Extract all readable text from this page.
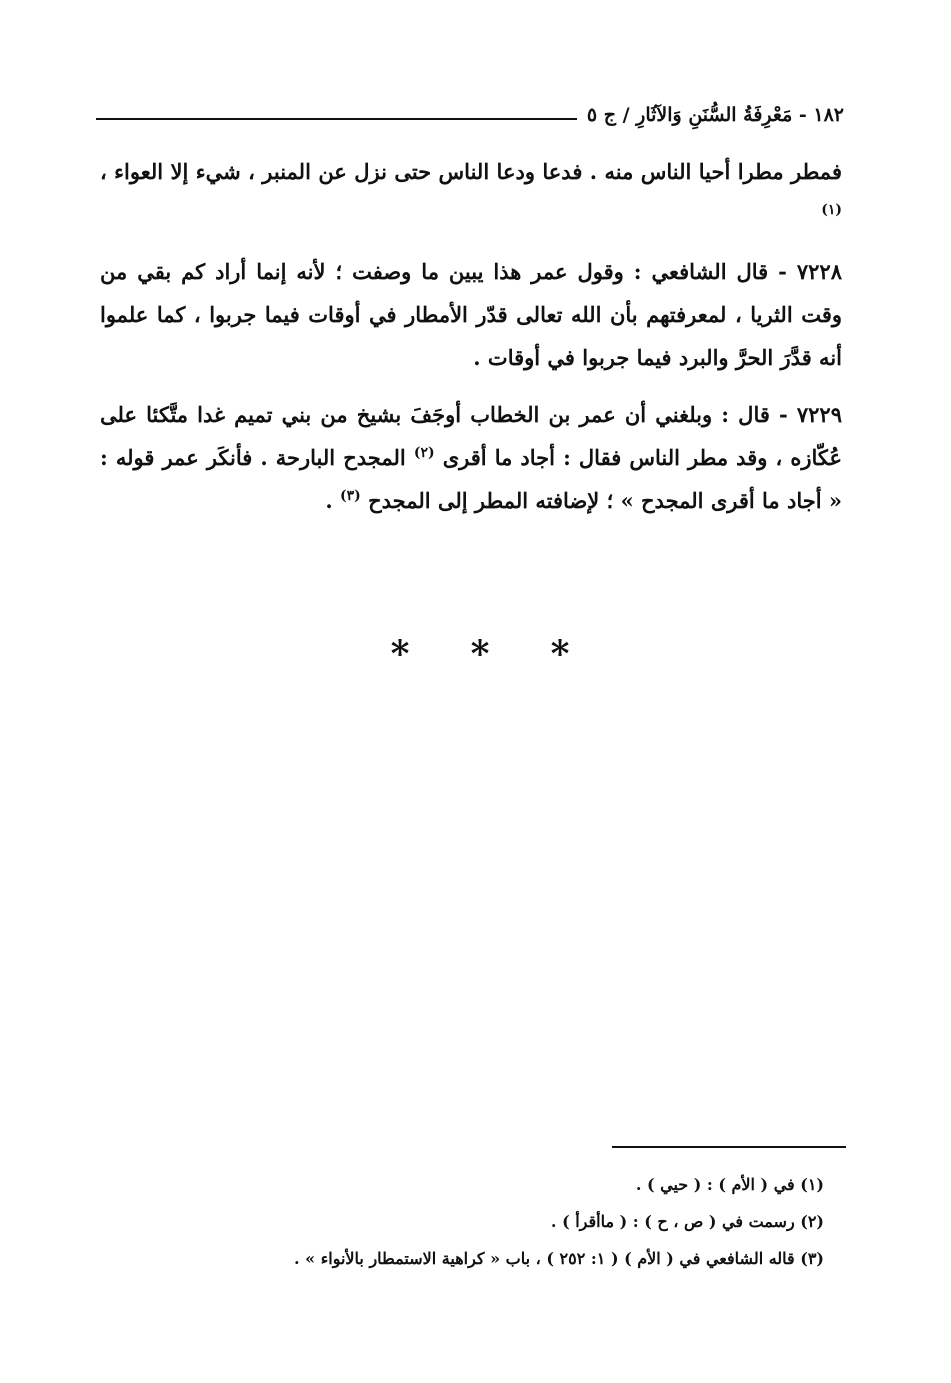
١٨٢ - مَعْرِفَةُ السُّنَنِ وَالآثَارِ / ج ٥

فمطر مطرا أحيا الناس منه . فدعا ودعا الناس حتى نزل عن المنبر ، شيء إلا العواء ، $^{(١)}$

٧٢٢٨ - قال الشافعي : وقول عمر هذا يبين ما وصفت ؛ لأنه إنما أراد كم بقي من وقت الثريا ، لمعرفتهم بأن الله تعالى قدّر الأمطار في أوقات فيما جربوا ، كما علموا أنه قدَّرَ الحرَّ والبرد فيما جربوا في أوقات .

٧٢٢٩ - قال : وبلغني أن عمر بن الخطاب أوجَفَ بشيخ من بني تميم غدا متَّكئا على عُكّازه ، وقد مطر الناس فقال : أجاد ما أقرى $^{(٢)}$ المجدح البارحة . فأنكَر عمر قوله : « أجاد ما أقرى المجدح » ؛ لإضافته المطر إلى المجدح $^{(٣)}$ .

* * *
(١) في ( الأم ) : ( حيي ) .
(٢) رسمت في ( ص ، ح ) : ( ماأقرأ ) .
(٣) قاله الشافعي في ( الأم ) ( ١: ٢٥٢ ) ، باب « كراهية الاستمطار بالأنواء » .
